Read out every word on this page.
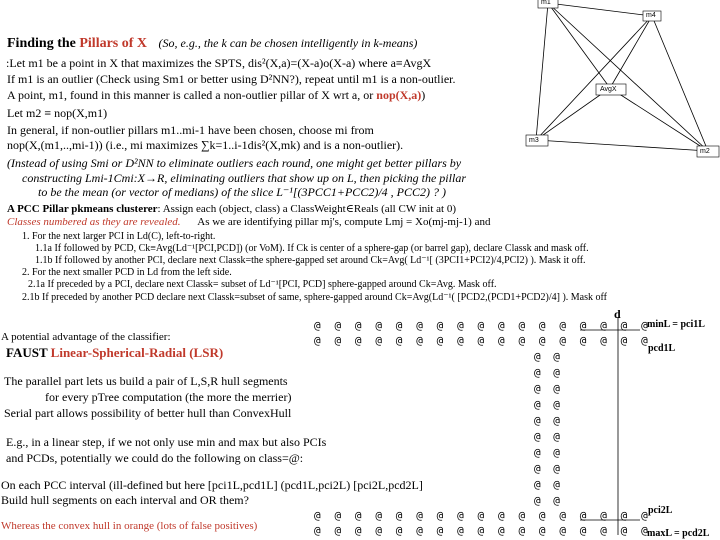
m1
m4
AvgX
m3
m2
Finding the Pillars of X (So, e.g., the k can be chosen intelligently in k-means)
:Let m1 be a point in X that maximizes the SPTS, dis²(X,a)=(X-a)o(X-a) where a≡AvgX
If m1 is an outlier (Check using Sm1 or better using D²NN?), repeat until m1 is a non-outlier.
A point, m1, found in this manner is called a non-outlier pillar of X wrt a, or nop(X,a))
Let m2 ≡ nop(X,m1)
In general, if non-outlier pillars m1..mi-1 have been chosen, choose mi from
nop(X,(m1,..,mi-1)) (i.e., mi maximizes ∑k=1..i-1dis²(X,mk) and is a non-outlier).
(Instead of using Smi or D²NN to eliminate outliers each round, one might get better pillars by
constructing Lmi-1Cmi:X→R, eliminating outliers that show up on L, then picking the pillar
to be the mean (or vector of medians) of the slice L⁻¹[(3PCC1+PCC2)/4 , PCC2) ? )
A PCC Pillar pkmeans clusterer: Assign each (object, class) a ClassWeight∈Reals (all CW init at 0)
Classes numbered as they are revealed. As we are identifying pillar mj's, compute Lmj = Xo(mj-mj-1) and
1. For the next larger PCI in Ld(C), left-to-right.
1.1a If followed by PCD, Ck≡Avg(Ld⁻¹[PCI,PCD]) (or VoM). If Ck is center of a sphere-gap (or barrel gap), declare Classk and mask off.
1.1b If followed by another PCI, declare next Classk=the sphere-gapped set around Ck=Avg( Ld⁻¹[ (3PCI1+PCI2)/4,PCI2) ). Mask it off.
2. For the next smaller PCD in Ld from the left side.
2.1a If preceded by a PCI, declare next Classk= subset of Ld⁻¹[PCI, PCD] sphere-gapped around Ck=Avg. Mask off.
2.1b If preceded by another PCD declare next Classk=subset of same, sphere-gapped around Ck=Avg(Ld⁻¹( [PCD2,(PCD1+PCD2)/4] ). Mask off
@ @ @ @ @ @ @ @ @ @ @ @ @ @ @ @ @
@ @ @ @ @ @ @ @ @ @ @ @ @ @ @ @ @
@ @
@ @
@ @
@ @
@ @
@ @
@ @
@ @
@ @
@ @
@ @ @ @ @ @ @ @ @ @ @ @ @ @ @ @ @
@ @ @ @ @ @ @ @ @ @ @ @ @ @ @ @ @
A potential advantage of the classifier:
FAUST Linear-Spherical-Radial (LSR)
The parallel part lets us build a pair of L,S,R hull segments
for every pTree computation (the more the merrier)
Serial part allows possibility of better hull than ConvexHull
E.g., in a linear step, if we not only use min and max but also PCIs
and PCDs, potentially we could do the following on class=@:
On each PCC interval (ill-defined but here [pci1L,pcd1L] (pcd1L,pci2L) [pci2L,pcd2L]
Build hull segments on each interval and OR them?
Whereas the convex hull in orange (lots of false positives)
d
minL = pci1L
pcd1L
pci2L
maxL = pcd2L
